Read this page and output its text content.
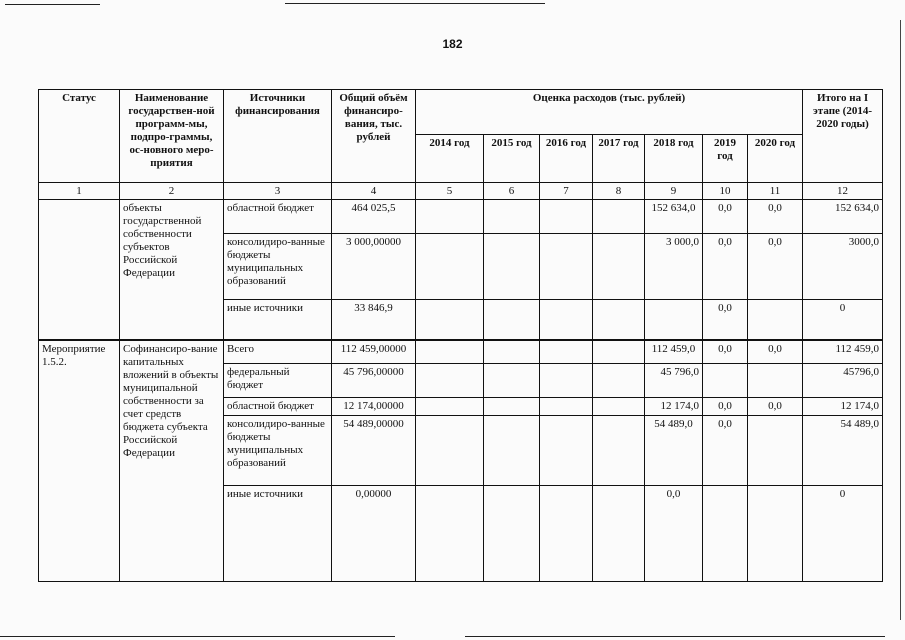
182
Статус	Наименование государствен-ной программ-мы, подпро-граммы, ос-новного меро-приятия	Источники финансирования	Общий объём финансиро-вания, тыс. рублей	Оценка расходов (тыс. рублей)							Итого на I этапе (2014-2020 годы)
				2014 год	2015 год	2016 год	2017 год	2018 год	2019 год	2020 год	
1	2	3	4	5	6	7	8	9	10	11	12
	объекты государственной собственности субъектов Российской Федерации	областной бюджет	464 025,5					152 634,0	0,0	0,0	152 634,0
		консолидиро-ванные бюджеты муниципальных образований	3 000,00000					3 000,0	0,0	0,0	3000,0
		иные источники	33 846,9						0,0		0
Мероприятие 1.5.2.	Софинансиро-вание капитальных вложений в объекты муниципальной собственности за счет средств бюджета субъекта Российской Федерации	Всего	112 459,00000					112 459,0	0,0	0,0	112 459,0
		федеральный бюджет	45 796,00000					45 796,0			45796,0
		областной бюджет	12 174,00000					12 174,0	0,0	0,0	12 174,0
		консолидиро-ванные бюджеты муниципальных образований	54 489,00000					54 489,0	0,0		54 489,0
		иные источники	0,00000					0,0			0
